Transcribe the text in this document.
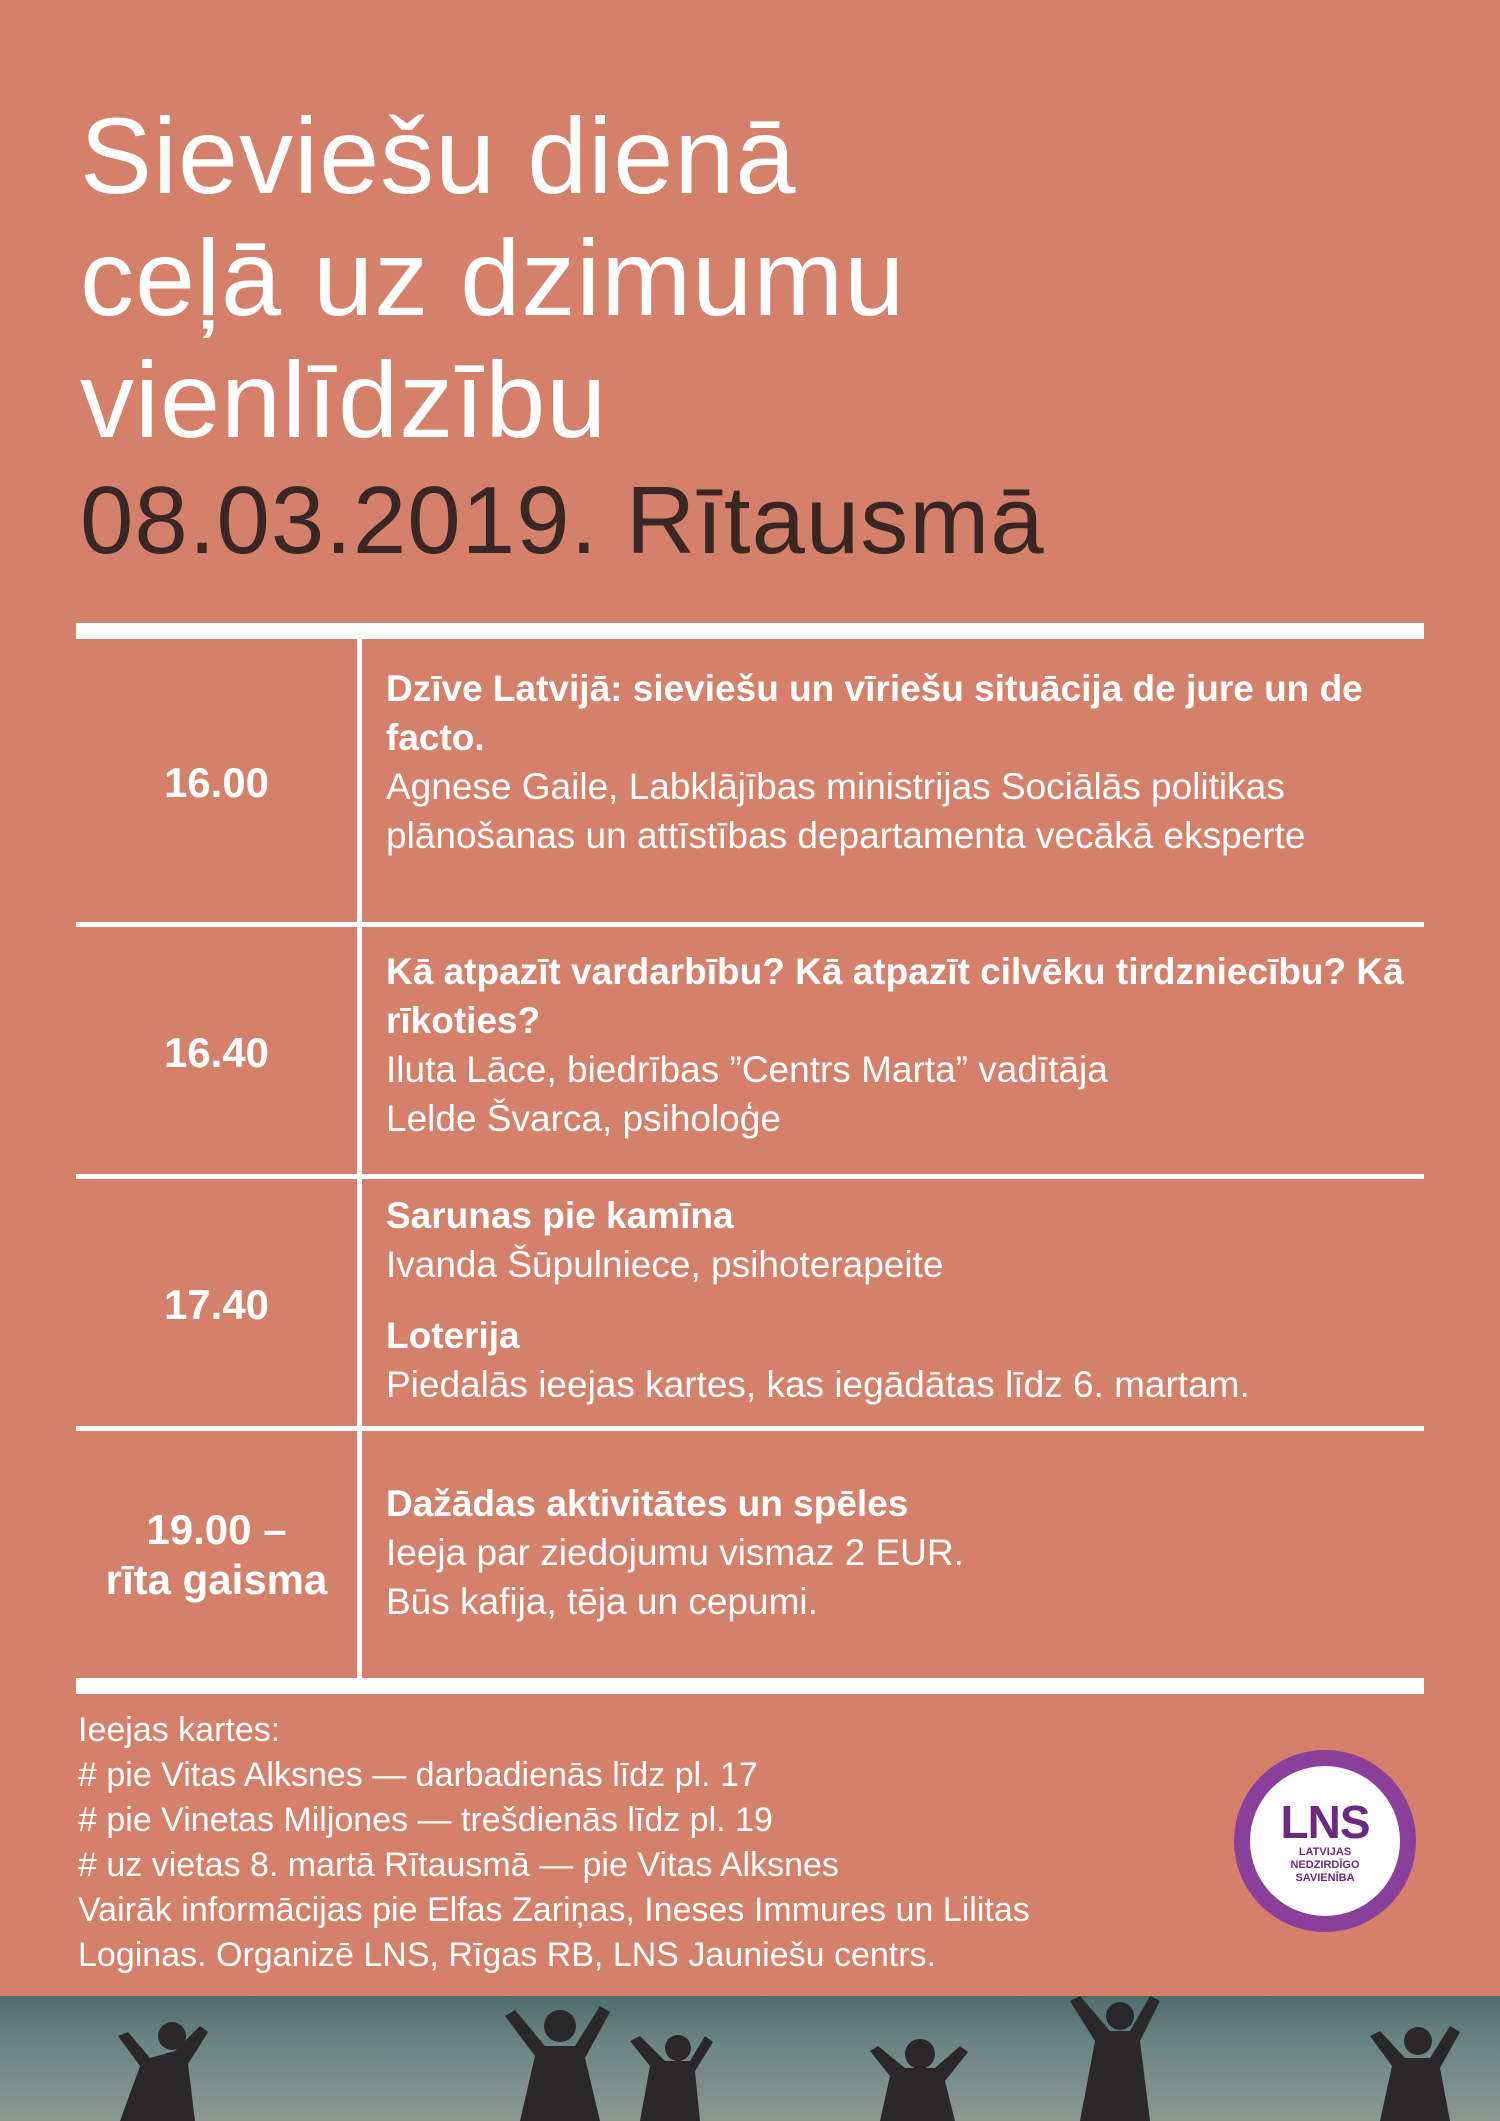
Sieviešu dienā
ceļā uz dzimumu
vienlīdzību
08.03.2019. Rītausmā
16.00
Dzīve Latvijā: sieviešu un vīriešu situācija de jure un de facto.
Agnese Gaile, Labklājības ministrijas Sociālās politikas plānošanas un attīstības departamenta vecākā eksperte
16.40
Kā atpazīt vardarbību? Kā atpazīt cilvēku tirdzniecību? Kā rīkoties?
Iluta Lāce, biedrības ”Centrs Marta” vadītāja
Lelde Švarca, psiholoģe
17.40
Sarunas pie kamīna
Ivanda Šūpulniece, psihoterapeite
Loterija
Piedalās ieejas kartes, kas iegādātas līdz 6. martam.
19.00 –
rīta gaisma
Dažādas aktivitātes un spēles
Ieeja par ziedojumu vismaz 2 EUR.
Būs kafija, tēja un cepumi.
Ieejas kartes:
# pie Vitas Alksnes — darbadienās līdz pl. 17
# pie Vinetas Miljones — trešdienās līdz pl. 19
# uz vietas 8. martā Rītausmā — pie Vitas Alksnes
Vairāk informācijas pie Elfas Zariņas, Ineses Immures un Lilitas
Loginas. Organizē LNS, Rīgas RB, LNS Jauniešu centrs.
LNS
LATVIJAS
NEDZIRDĪGO
SAVIENĪBA
